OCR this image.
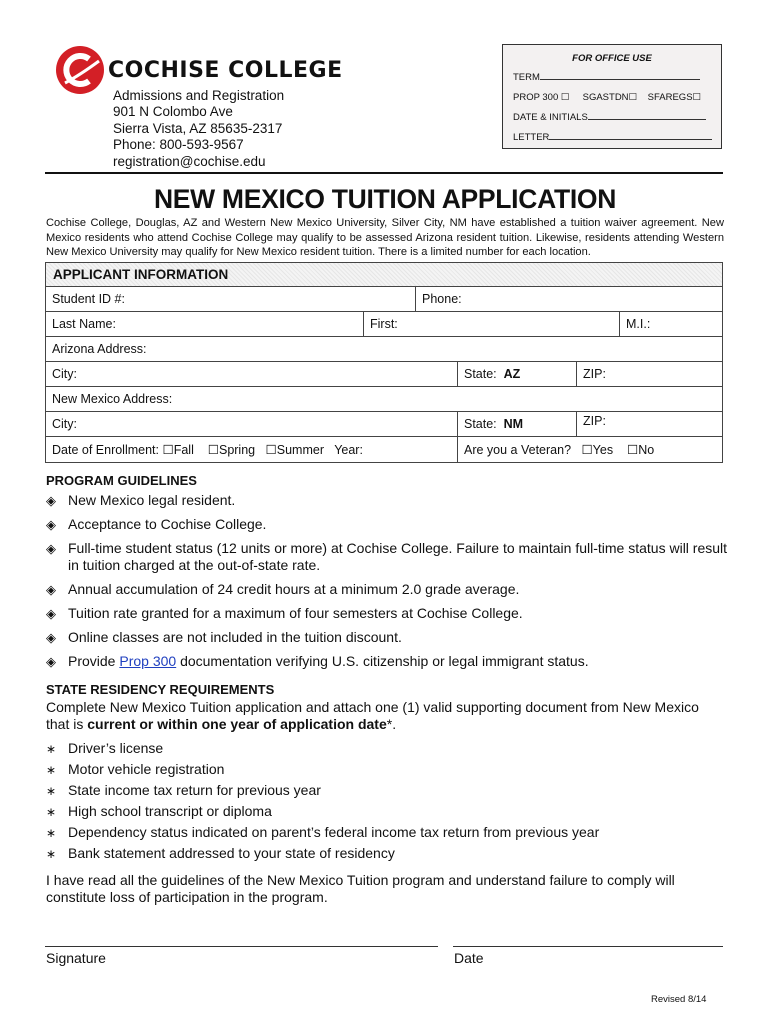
COCHISE COLLEGE
Admissions and Registration
901 N Colombo Ave
Sierra Vista, AZ 85635-2317
Phone: 800-593-9567
registration@cochise.edu
FOR OFFICE USE
TERM
PROP 300 ☐ SGASTDN☐ SFAREGS☐
DATE & INITIALS
LETTER
NEW MEXICO TUITION APPLICATION
Cochise College, Douglas, AZ and Western New Mexico University, Silver City, NM have established a tuition waiver agreement. New Mexico residents who attend Cochise College may qualify to be assessed Arizona resident tuition. Likewise, residents attending Western New Mexico University may qualify for New Mexico resident tuition. There is a limited number for each location.
APPLICANT INFORMATION
Student ID #:	Phone:
Last Name:	First:	M.I.:
Arizona Address:
City:	State: AZ	ZIP:
New Mexico Address:
City:	State: NM	ZIP:
Date of Enrollment: ☐Fall ☐Spring ☐Summer Year:	Are you a Veteran? ☐Yes ☐No
PROGRAM GUIDELINES
◈ New Mexico legal resident.
◈ Acceptance to Cochise College.
◈ Full-time student status (12 units or more) at Cochise College. Failure to maintain full-time status will result in tuition charged at the out-of-state rate.
◈ Annual accumulation of 24 credit hours at a minimum 2.0 grade average.
◈ Tuition rate granted for a maximum of four semesters at Cochise College.
◈ Online classes are not included in the tuition discount.
◈ Provide Prop 300 documentation verifying U.S. citizenship or legal immigrant status.
STATE RESIDENCY REQUIREMENTS
Complete New Mexico Tuition application and attach one (1) valid supporting document from New Mexico that is current or within one year of application date*.
∗ Driver’s license
∗ Motor vehicle registration
∗ State income tax return for previous year
∗ High school transcript or diploma
∗ Dependency status indicated on parent’s federal income tax return from previous year
∗ Bank statement addressed to your state of residency
I have read all the guidelines of the New Mexico Tuition program and understand failure to comply will constitute loss of participation in the program.
Signature	Date
Revised 8/14
